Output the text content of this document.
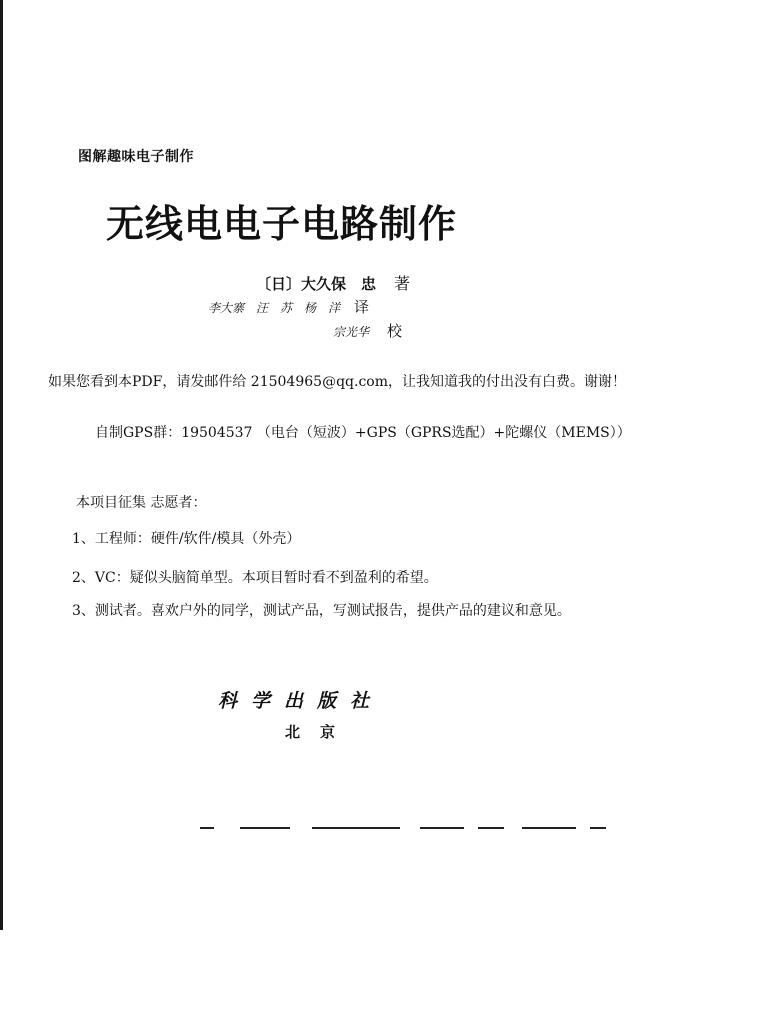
图解趣味电子制作
无线电电子电路制作
〔日〕大久保　忠 著
李大寨　汪　苏　杨　洋 译
宗光华 校
如果您看到本PDF，请发邮件给 21504965@qq.com，让我知道我的付出没有白费。谢谢！
自制GPS群：19504537 （电台（短波）+GPS（GPRS选配）+陀螺仪（MEMS））
本项目征集 志愿者：
1、工程师：硬件/软件/模具（外壳）
2、VC：疑似头脑简单型。本项目暂时看不到盈利的希望。
3、测试者。喜欢户外的同学，测试产品，写测试报告，提供产品的建议和意见。
科学出版社
北京
